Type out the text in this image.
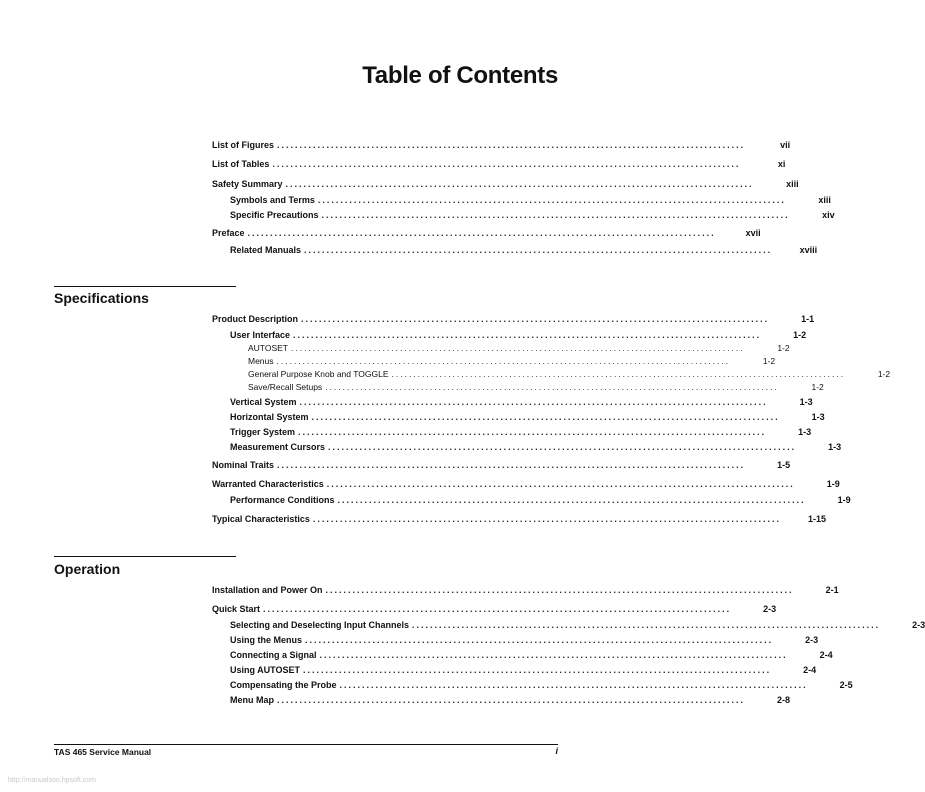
Table of Contents
List of Figures ........................................................................................................	vii
List of Tables ........................................................................................................	xi
Safety Summary ........................................................................................................	xiii
Symbols and Terms ........................................................................................................	xiii
Specific Precautions ........................................................................................................	xiv
Preface ........................................................................................................	xvii
Related Manuals ........................................................................................................	xviii
Specifications
Product Description ........................................................................................................	1-1
User Interface ........................................................................................................	1-2
AUTOSET ........................................................................................................	1-2
Menus ........................................................................................................	1-2
General Purpose Knob and TOGGLE ........................................................................................................	1-2
Save/Recall Setups ........................................................................................................	1-2
Vertical System ........................................................................................................	1-3
Horizontal System ........................................................................................................	1-3
Trigger System ........................................................................................................	1-3
Measurement Cursors ........................................................................................................	1-3
Nominal Traits ........................................................................................................	1-5
Warranted Characteristics ........................................................................................................	1-9
Performance Conditions ........................................................................................................	1-9
Typical Characteristics ........................................................................................................	1-15
Operation
Installation and Power On ........................................................................................................	2-1
Quick Start ........................................................................................................	2-3
Selecting and Deselecting Input Channels ........................................................................................................	2-3
Using the Menus ........................................................................................................	2-3
Connecting a Signal ........................................................................................................	2-4
Using AUTOSET ........................................................................................................	2-4
Compensating the Probe ........................................................................................................	2-5
Menu Map ........................................................................................................	2-8
TAS 465 Service Manual	i
http://manualsoo.hpsoft.com
